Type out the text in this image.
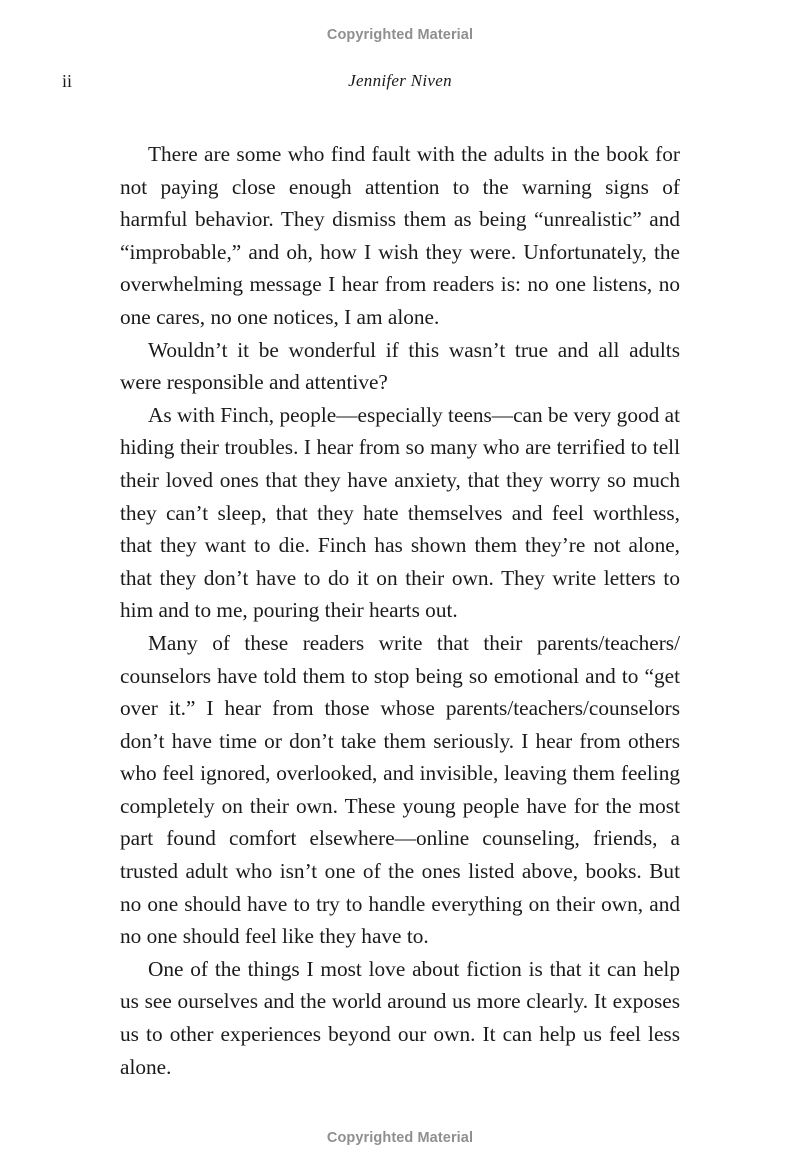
Copyrighted Material
ii	Jennifer Niven

There are some who find fault with the adults in the book for not paying close enough attention to the warning signs of harmful behavior. They dismiss them as being “unrealistic” and “improbable,” and oh, how I wish they were. Unfortunately, the overwhelming message I hear from readers is: no one listens, no one cares, no one notices, I am alone.

Wouldn’t it be wonderful if this wasn’t true and all adults were responsible and attentive?

As with Finch, people—especially teens—can be very good at hiding their troubles. I hear from so many who are terrified to tell their loved ones that they have anxiety, that they worry so much they can’t sleep, that they hate themselves and feel worthless, that they want to die. Finch has shown them they’re not alone, that they don’t have to do it on their own. They write letters to him and to me, pouring their hearts out.

Many of these readers write that their parents/teachers/​counselors have told them to stop being so emotional and to “get over it.” I hear from those whose parents/teachers/counselors don’t have time or don’t take them seriously. I hear from others who feel ignored, overlooked, and invisible, leaving them feeling completely on their own. These young people have for the most part found comfort elsewhere—online counseling, friends, a trusted adult who isn’t one of the ones listed above, books. But no one should have to try to handle everything on their own, and no one should feel like they have to.

One of the things I most love about fiction is that it can help us see ourselves and the world around us more clearly. It exposes us to other experiences beyond our own. It can help us feel less alone.

Copyrighted Material
